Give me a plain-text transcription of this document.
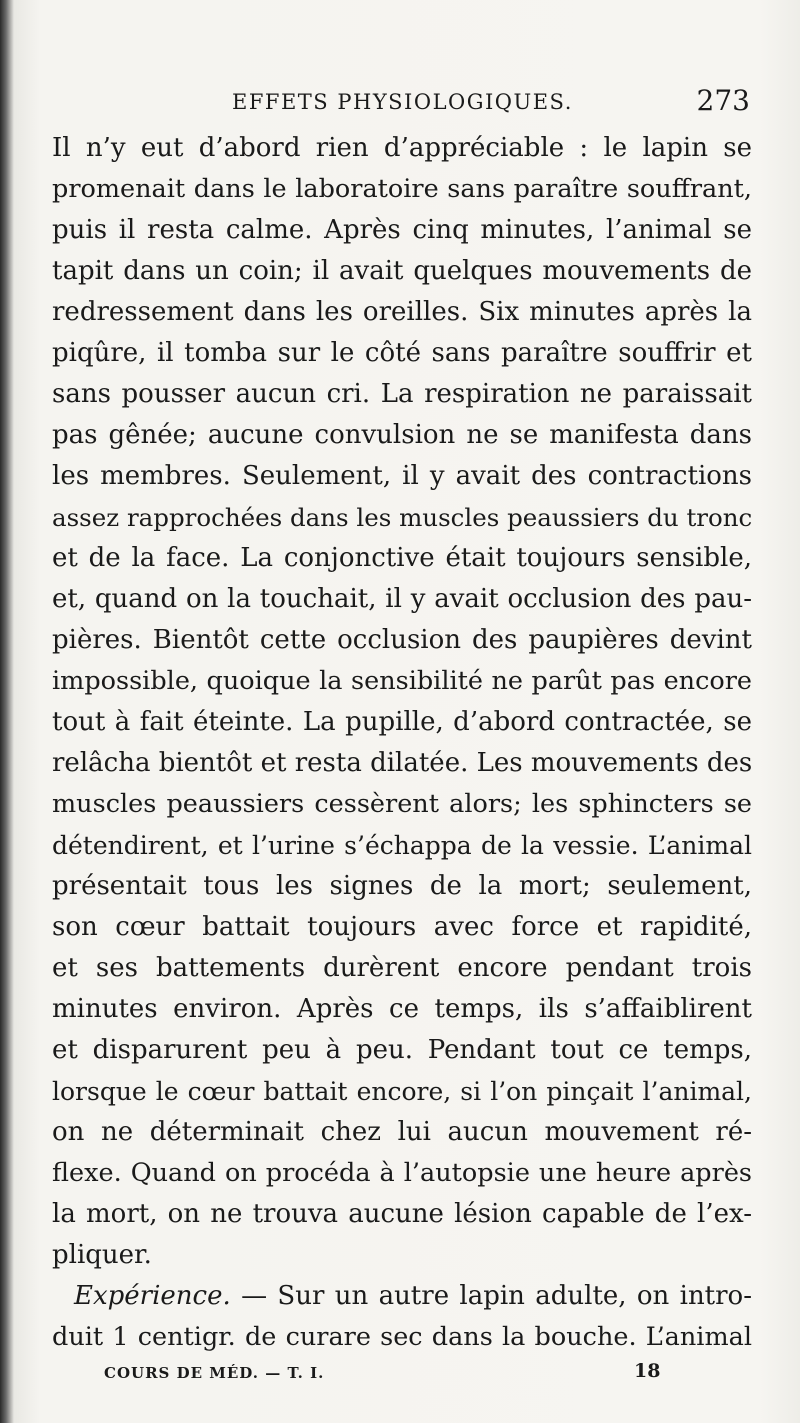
EFFETS PHYSIOLOGIQUES.	273
Il n’y eut d’abord rien d’appréciable : le lapin se
promenait dans le laboratoire sans paraître souffrant,
puis il resta calme. Après cinq minutes, l’animal se
tapit dans un coin; il avait quelques mouvements de
redressement dans les oreilles. Six minutes après la
piqûre, il tomba sur le côté sans paraître souffrir et
sans pousser aucun cri. La respiration ne paraissait
pas gênée; aucune convulsion ne se manifesta dans
les membres. Seulement, il y avait des contractions
assez rapprochées dans les muscles peaussiers du tronc
et de la face. La conjonctive était toujours sensible,
et, quand on la touchait, il y avait occlusion des pau-
pières. Bientôt cette occlusion des paupières devint
impossible, quoique la sensibilité ne parût pas encore
tout à fait éteinte. La pupille, d’abord contractée, se
relâcha bientôt et resta dilatée. Les mouvements des
muscles peaussiers cessèrent alors; les sphincters se
détendirent, et l’urine s’échappa de la vessie. L’animal
présentait tous les signes de la mort; seulement,
son cœur battait toujours avec force et rapidité,
et ses battements durèrent encore pendant trois
minutes environ. Après ce temps, ils s’affaiblirent
et disparurent peu à peu. Pendant tout ce temps,
lorsque le cœur battait encore, si l’on pinçait l’animal,
on ne déterminait chez lui aucun mouvement ré-
flexe. Quand on procéda à l’autopsie une heure après
la mort, on ne trouva aucune lésion capable de l’ex-
pliquer.
Expérience. — Sur un autre lapin adulte, on intro-
duit 1 centigr. de curare sec dans la bouche. L’animal
COURS DE MÉD. — T. I.	18
